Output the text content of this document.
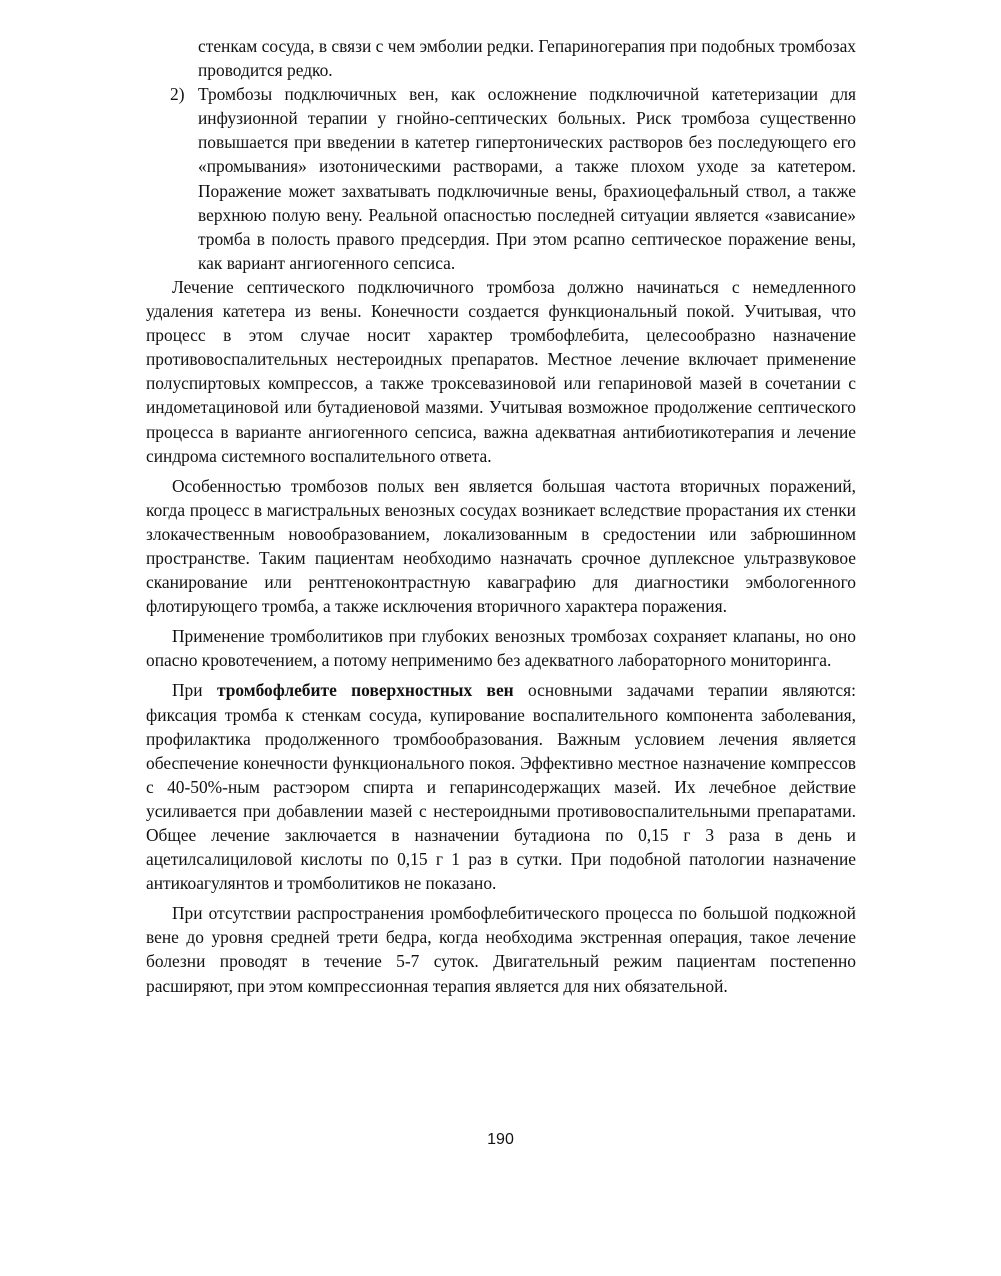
стенкам сосуда, в связи с чем эмболии редки. Гепариногерапия при подобных тромбозах проводится редко.

2) Тромбозы подключичных вен, как осложнение подключичной катетеризации для инфузионной терапии у гнойно-септических больных. Риск тромбоза существенно повышается при введении в катетер гипертонических растворов без последующего его «промывания» изотоническими растворами, а также плохом уходе за катетером. Поражение может захватывать подключичные вены, брахиоцефальный ствол, а также верхнюю полую вену. Реальной опасностью последней ситуации является «зависание» тромба в полость правого предсердия. При этом рсапно септическое поражение вены, как вариант ангиогенного сепсиса.

Лечение септического подключичного тромбоза должно начинаться с немедленного удаления катетера из вены. Конечности создается функциональный покой. Учитывая, что процесс в этом случае носит характер тромбофлебита, целесообразно назначение противовоспалительных нестероидных препаратов. Местное лечение включает применение полуспиртовых компрессов, а также троксевазиновой или гепариновой мазей в сочетании с индометациновой или бутадиеновой мазями. Учитывая возможное продолжение септического процесса в варианте ангиогенного сепсиса, важна адекватная антибиотикотерапия и лечение синдрома системного воспалительного ответа.

Особенностью тромбозов полых вен является большая частота вторичных поражений, когда процесс в магистральных венозных сосудах возникает вследствие прорастания их стенки злокачественным новообразованием, локализованным в средостении или забрюшинном пространстве. Таким пациентам необходимо назначать срочное дуплексное ультразвуковое сканирование или рентгеноконтрастную каваграфию для диагностики эмбологенного флотирующего тромба, а также исключения вторичного характера поражения.

Применение тромболитиков при глубоких венозных тромбозах сохраняет клапаны, но оно опасно кровотечением, а потому неприменимо без адекватного лабораторного мониторинга.

При тромбофлебите поверхностных вен основными задачами терапии являются: фиксация тромба к стенкам сосуда, купирование воспалительного компонента заболевания, профилактика продолженного тромбообразования. Важным условием лечения является обеспечение конечности функционального покоя. Эффективно местное назначение компрессов с 40-50%-ным растэором спирта и гепаринсодержащих мазей. Их лечебное действие усиливается при добавлении мазей с нестероидными противовоспалительными препаратами. Общее лечение заключается в назначении бутадиона по 0,15 г 3 раза в день и ацетилсалициловой кислоты по 0,15 г 1 раз в сутки. При подобной патологии назначение антикоагулянтов и тромболитиков не показано.

При отсутствии распространения ıромбофлебитического процесса по большой подкожной вене до уровня средней трети бедра, когда необходима экстренная операция, такое лечение болезни проводят в течение 5-7 суток. Двигательный режим пациентам постепенно расширяют, при этом компрессионная терапия является для них обязательной.

190
